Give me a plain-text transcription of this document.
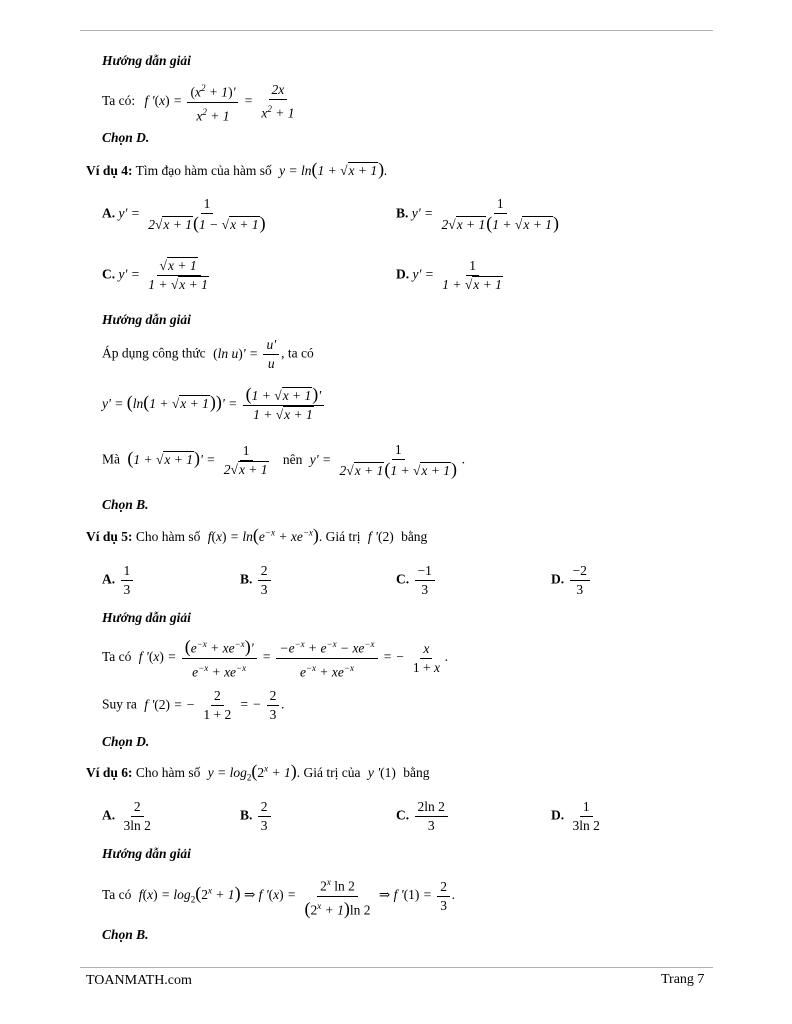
Hướng dẫn giải
Ta có: f '$(x) = \frac{(x^2 + 1)'}{x^2 + 1} = \frac{2x}{x^2 + 1}$
Chọn D.
Ví dụ 4: Tìm đạo hàm của hàm số y = ln(1 + √x + 1).
A. $y' = \frac{1}{2√x + 1(1 - √x + 1)}$	B. $y' = \frac{1}{2√x + 1(1 + √x + 1)}$
C. $y' = \frac{√x + 1}{1 + √x + 1}$	D. $y' = \frac{1}{1 + √x + 1}$
Hướng dẫn giải
Áp dụng công thức (ln $u)' = \frac{u'}{u}$ , ta có
$y' = (\ln(1 + √x + 1))' = \frac{(1 + √x + 1)'}{1 + √x + 1}$
Mà $(1 + √x + 1)' = \frac{1}{2√x + 1}$ nên $y' = \frac{1}{2√x + 1(1 + √x + 1)}$ .
Chọn B.
Ví dụ 5: Cho hàm số $f(x) = \ln(e^{-x} + xe^{-x})$. Giá trị f '(2) bằng
A. $\frac{1}{3}$	B. $\frac{2}{3}$	C. $\frac{-1}{3}$	D. $\frac{-2}{3}$
Hướng dẫn giải
Ta có f '$(x) = \frac{(e^{-x} + xe^{-x})'}{e^{-x} + xe^{-x}} = \frac{-e^{-x} + e^{-x} - xe^{-x}}{e^{-x} + xe^{-x}}$ = − $\frac{x}{1 + x}$ .
Suy ra f '(2) = − $\frac{2}{1 + 2}$ = − $\frac{2}{3}$ .
Chọn D.
Ví dụ 6: Cho hàm số $y = \log_2(2^x + 1)$. Giá trị của y '(1) bằng
A. $\frac{2}{3\ln 2}$	B. $\frac{2}{3}$	C. $\frac{2\ln 2}{3}$	D. $\frac{1}{3\ln 2}$
Hướng dẫn giải
Ta có $f(x) = \log_2(2^x + 1)$ ⇒ f '$(x) = \frac{2^x \ln 2}{(2^x + 1)\ln 2}$ ⇒ f '$(1) = \frac{2}{3}$ .
Chọn B.
TOANMATH.com	Trang 7
